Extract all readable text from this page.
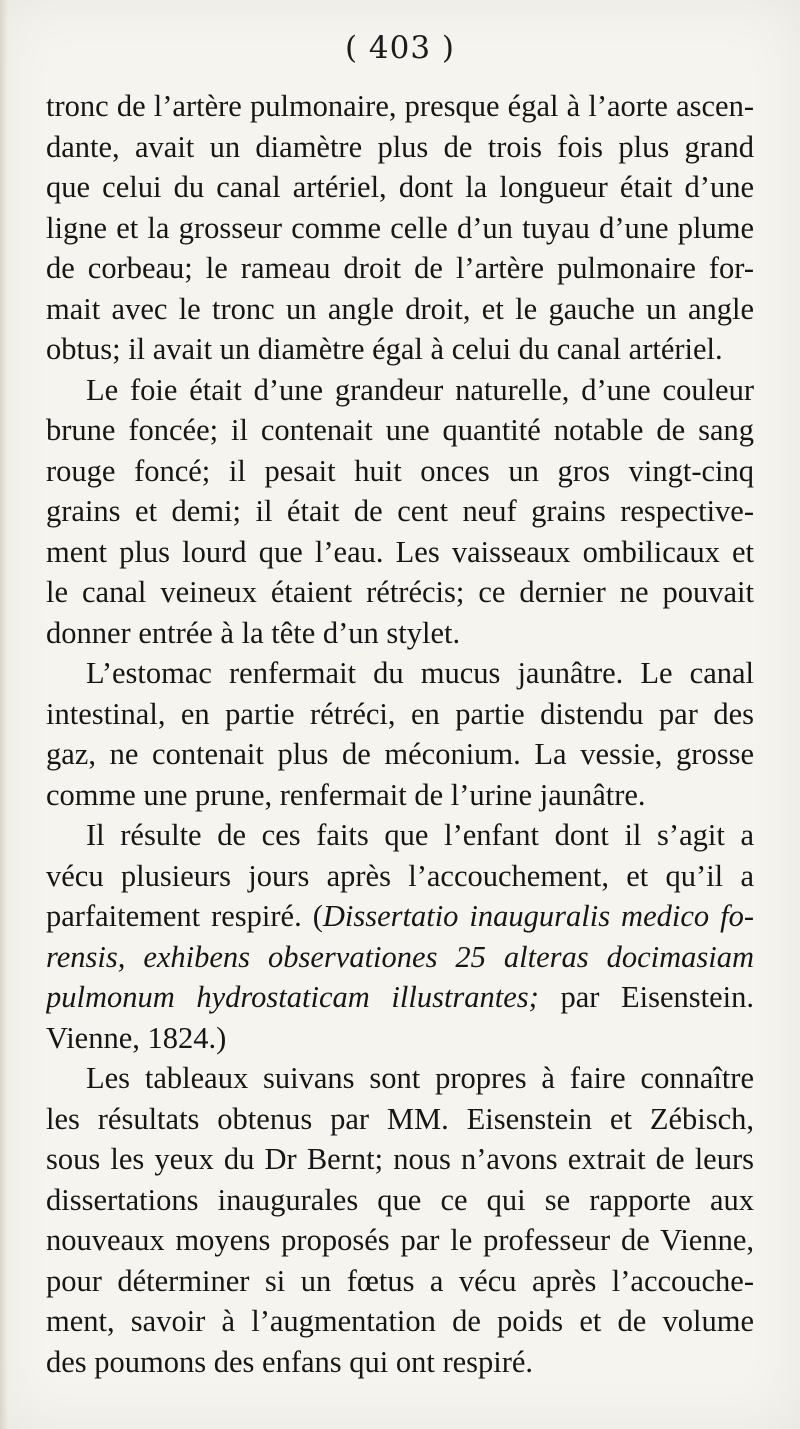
( 403 )
tronc de l’artère pulmonaire, presque égal à l’aorte ascen-
dante, avait un diamètre plus de trois fois plus grand
que celui du canal artériel, dont la longueur était d’une
ligne et la grosseur comme celle d’un tuyau d’une plume
de corbeau; le rameau droit de l’artère pulmonaire for-
mait avec le tronc un angle droit, et le gauche un angle
obtus; il avait un diamètre égal à celui du canal artériel.
Le foie était d’une grandeur naturelle, d’une couleur
brune foncée; il contenait une quantité notable de sang
rouge foncé; il pesait huit onces un gros vingt-cinq
grains et demi; il était de cent neuf grains respective-
ment plus lourd que l’eau. Les vaisseaux ombilicaux et
le canal veineux étaient rétrécis; ce dernier ne pouvait
donner entrée à la tête d’un stylet.
L’estomac renfermait du mucus jaunâtre. Le canal
intestinal, en partie rétréci, en partie distendu par des
gaz, ne contenait plus de méconium. La vessie, grosse
comme une prune, renfermait de l’urine jaunâtre.
Il résulte de ces faits que l’enfant dont il s’agit a
vécu plusieurs jours après l’accouchement, et qu’il a
parfaitement respiré. (Dissertatio inauguralis medico fo-
rensis, exhibens observationes 25 alteras docimasiam
pulmonum hydrostaticam illustrantes; par Eisenstein.
Vienne, 1824.)
Les tableaux suivans sont propres à faire connaître
les résultats obtenus par MM. Eisenstein et Zébisch,
sous les yeux du Dr Bernt; nous n’avons extrait de leurs
dissertations inaugurales que ce qui se rapporte aux
nouveaux moyens proposés par le professeur de Vienne,
pour déterminer si un fœtus a vécu après l’accouche-
ment, savoir à l’augmentation de poids et de volume
des poumons des enfans qui ont respiré.
